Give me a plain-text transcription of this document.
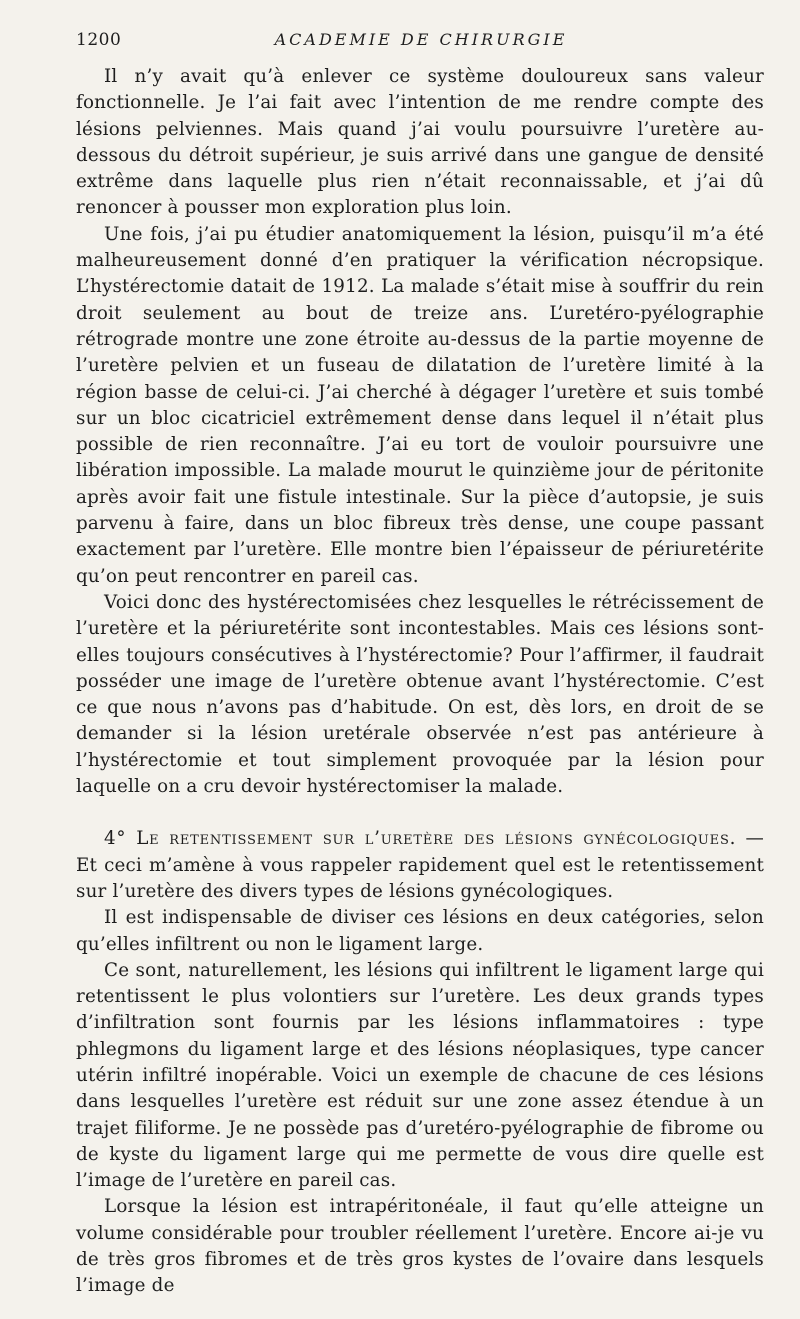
1200	ACADEMIE DE CHIRURGIE

Il n’y avait qu’à enlever ce système douloureux sans valeur fonctionnelle. Je l’ai fait avec l’intention de me rendre compte des lésions pelviennes. Mais quand j’ai voulu poursuivre l’uretère au-dessous du détroit supérieur, je suis arrivé dans une gangue de densité extrême dans laquelle plus rien n’était reconnaissable, et j’ai dû renoncer à pousser mon exploration plus loin.

Une fois, j’ai pu étudier anatomiquement la lésion, puisqu’il m’a été malheureusement donné d’en pratiquer la vérification nécropsique. L’hystérectomie datait de 1912. La malade s’était mise à souffrir du rein droit seulement au bout de treize ans. L’uretéro-pyélographie rétrograde montre une zone étroite au-dessus de la partie moyenne de l’uretère pelvien et un fuseau de dilatation de l’uretère limité à la région basse de celui-ci. J’ai cherché à dégager l’uretère et suis tombé sur un bloc cicatriciel extrêmement dense dans lequel il n’était plus possible de rien reconnaître. J’ai eu tort de vouloir poursuivre une libération impossible. La malade mourut le quinzième jour de péritonite après avoir fait une fistule intestinale. Sur la pièce d’autopsie, je suis parvenu à faire, dans un bloc fibreux très dense, une coupe passant exactement par l’uretère. Elle montre bien l’épaisseur de périuretérite qu’on peut rencontrer en pareil cas.

Voici donc des hystérectomisées chez lesquelles le rétrécissement de l’uretère et la périuretérite sont incontestables. Mais ces lésions sont-elles toujours consécutives à l’hystérectomie? Pour l’affirmer, il faudrait posséder une image de l’uretère obtenue avant l’hystérectomie. C’est ce que nous n’avons pas d’habitude. On est, dès lors, en droit de se demander si la lésion uretérale observée n’est pas antérieure à l’hystérectomie et tout simplement provoquée par la lésion pour laquelle on a cru devoir hystérectomiser la malade.

4° Le retentissement sur l’uretère des lésions gynécologiques. — Et ceci m’amène à vous rappeler rapidement quel est le retentissement sur l’uretère des divers types de lésions gynécologiques.

Il est indispensable de diviser ces lésions en deux catégories, selon qu’elles infiltrent ou non le ligament large.

Ce sont, naturellement, les lésions qui infiltrent le ligament large qui retentissent le plus volontiers sur l’uretère. Les deux grands types d’infiltration sont fournis par les lésions inflammatoires : type phlegmons du ligament large et des lésions néoplasiques, type cancer utérin infiltré inopérable. Voici un exemple de chacune de ces lésions dans lesquelles l’uretère est réduit sur une zone assez étendue à un trajet filiforme. Je ne possède pas d’uretéro-pyélographie de fibrome ou de kyste du ligament large qui me permette de vous dire quelle est l’image de l’uretère en pareil cas.

Lorsque la lésion est intrapéritonéale, il faut qu’elle atteigne un volume considérable pour troubler réellement l’uretère. Encore ai-je vu de très gros fibromes et de très gros kystes de l’ovaire dans lesquels l’image de
